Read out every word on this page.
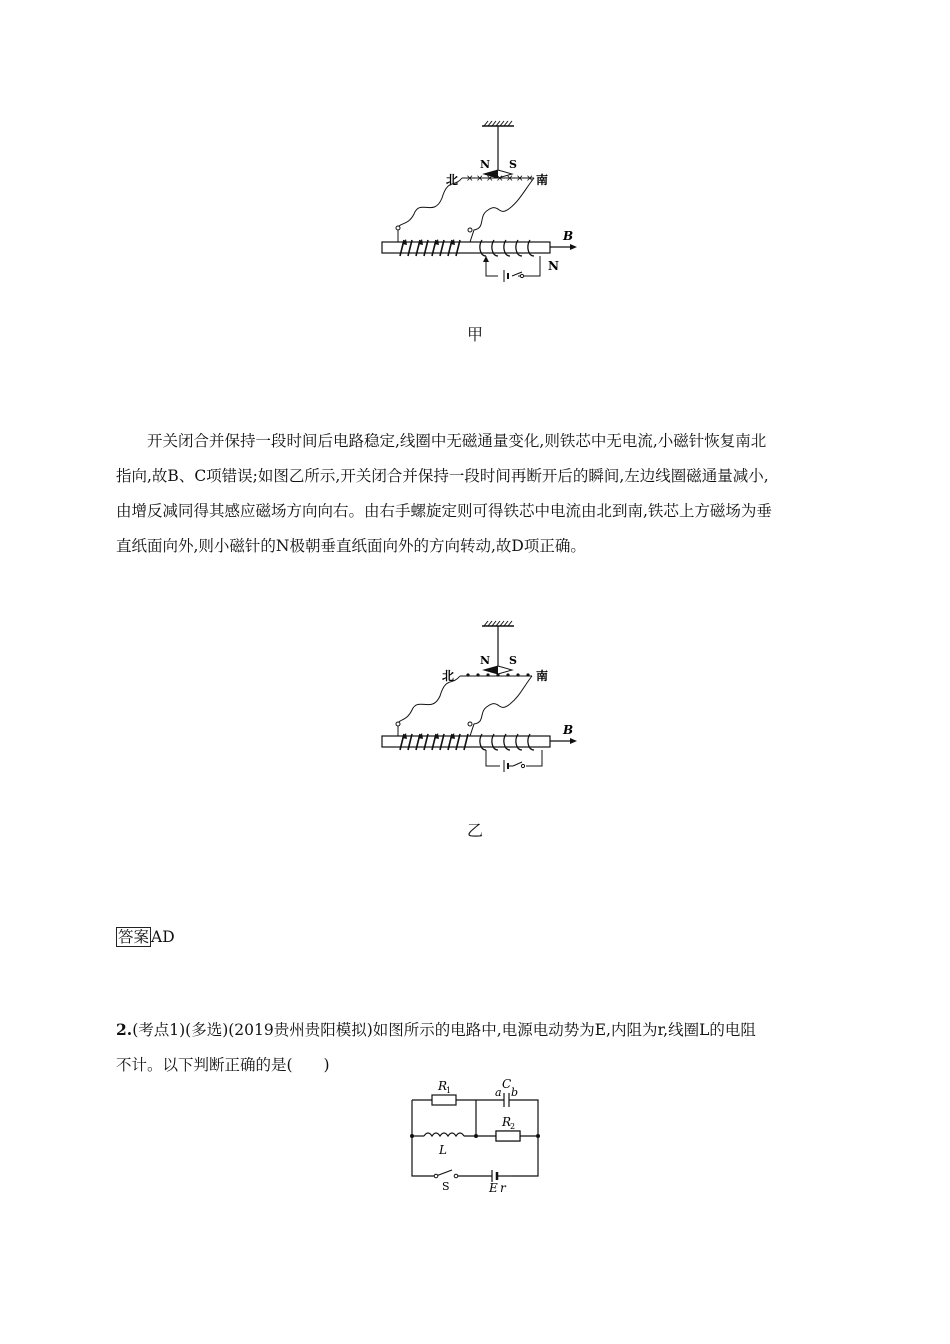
N S
北	南
× × × × × × ×
B
N
甲

开关闭合并保持一段时间后电路稳定,线圈中无磁通量变化,则铁芯中无电流,小磁针恢复南北

指向,故B、C项错误;如图乙所示,开关闭合并保持一段时间再断开后的瞬间,左边线圈磁通量减小,

由增反减同得其感应磁场方向向右。由右手螺旋定则可得铁芯中电流由北到南,铁芯上方磁场为垂

直纸面向外,则小磁针的N极朝垂直纸面向外的方向转动,故D项正确。

N S
北	南
B
乙
答案 AD
2.(考点1)(多选)(2019贵州贵阳模拟)如图所示的电路中,电源电动势为E,内阻为r,线圈L的电阻
不计。以下判断正确的是(　　)
R
1	a
C
b
R
2
L
S	E r
